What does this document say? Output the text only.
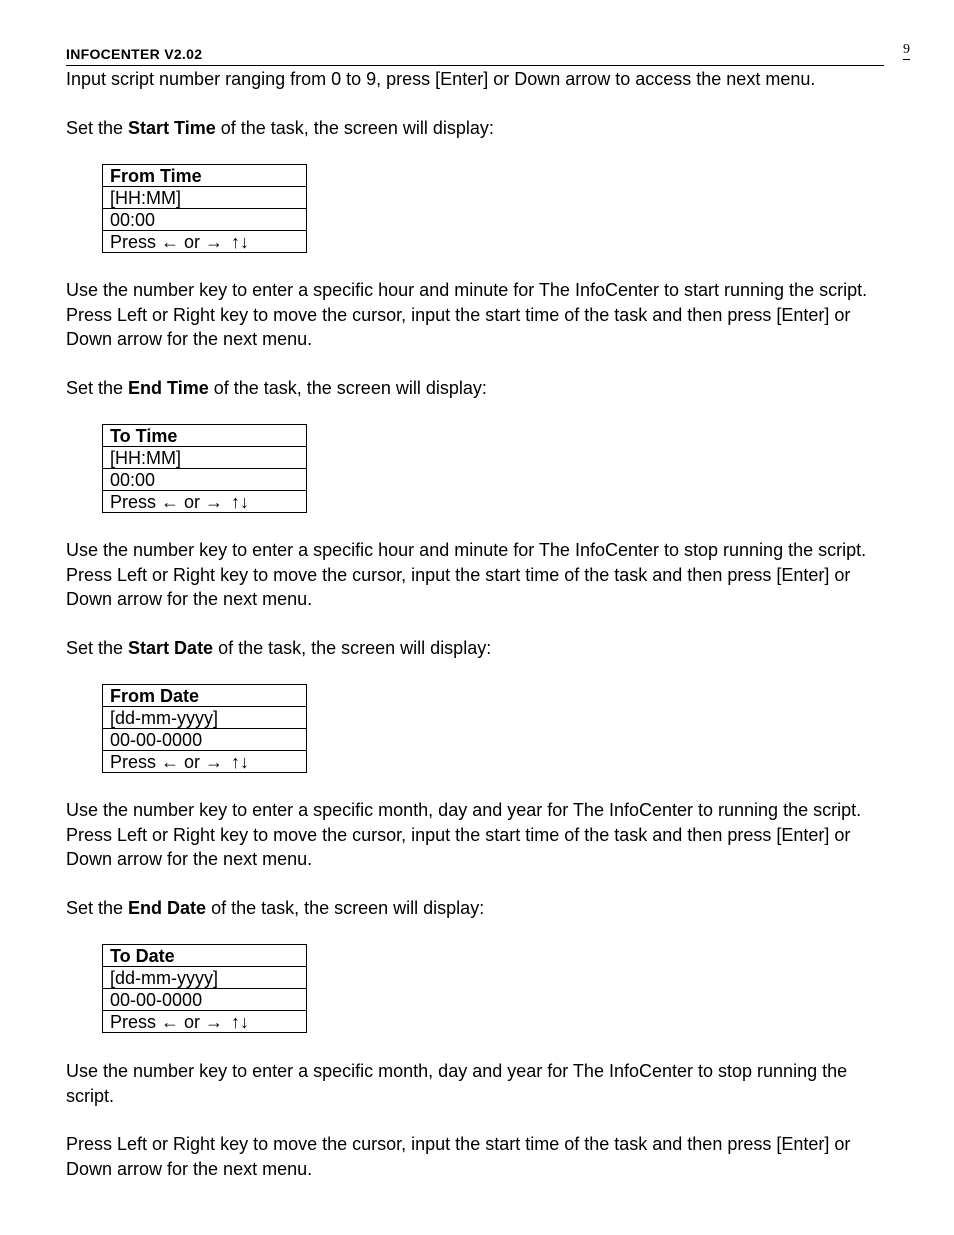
INFOCENTER V2.02	9
Input script number ranging from 0 to 9, press [Enter] or Down arrow to access the next menu.
Set the Start Time of the task, the screen will display:
From Time
[HH:MM]
00:00
Press ← or → ↑↓
Use the number key to enter a specific hour and minute for The InfoCenter to start running the script.
Press Left or Right key to move the cursor, input the start time of the task and then press [Enter] or
Down arrow for the next menu.
Set the End Time of the task, the screen will display:
To Time
[HH:MM]
00:00
Press ← or → ↑↓
Use the number key to enter a specific hour and minute for The InfoCenter to stop running the script.
Press Left or Right key to move the cursor, input the start time of the task and then press [Enter] or
Down arrow for the next menu.
Set the Start Date of the task, the screen will display:
From Date
[dd-mm-yyyy]
00-00-0000
Press ← or → ↑↓
Use the number key to enter a specific month, day and year for The InfoCenter to running the script.
Press Left or Right key to move the cursor, input the start time of the task and then press [Enter] or
Down arrow for the next menu.
Set the End Date of the task, the screen will display:
To Date
[dd-mm-yyyy]
00-00-0000
Press ← or → ↑↓
Use the number key to enter a specific month, day and year for The InfoCenter to stop running the
script.
Press Left or Right key to move the cursor, input the start time of the task and then press [Enter] or
Down arrow for the next menu.
